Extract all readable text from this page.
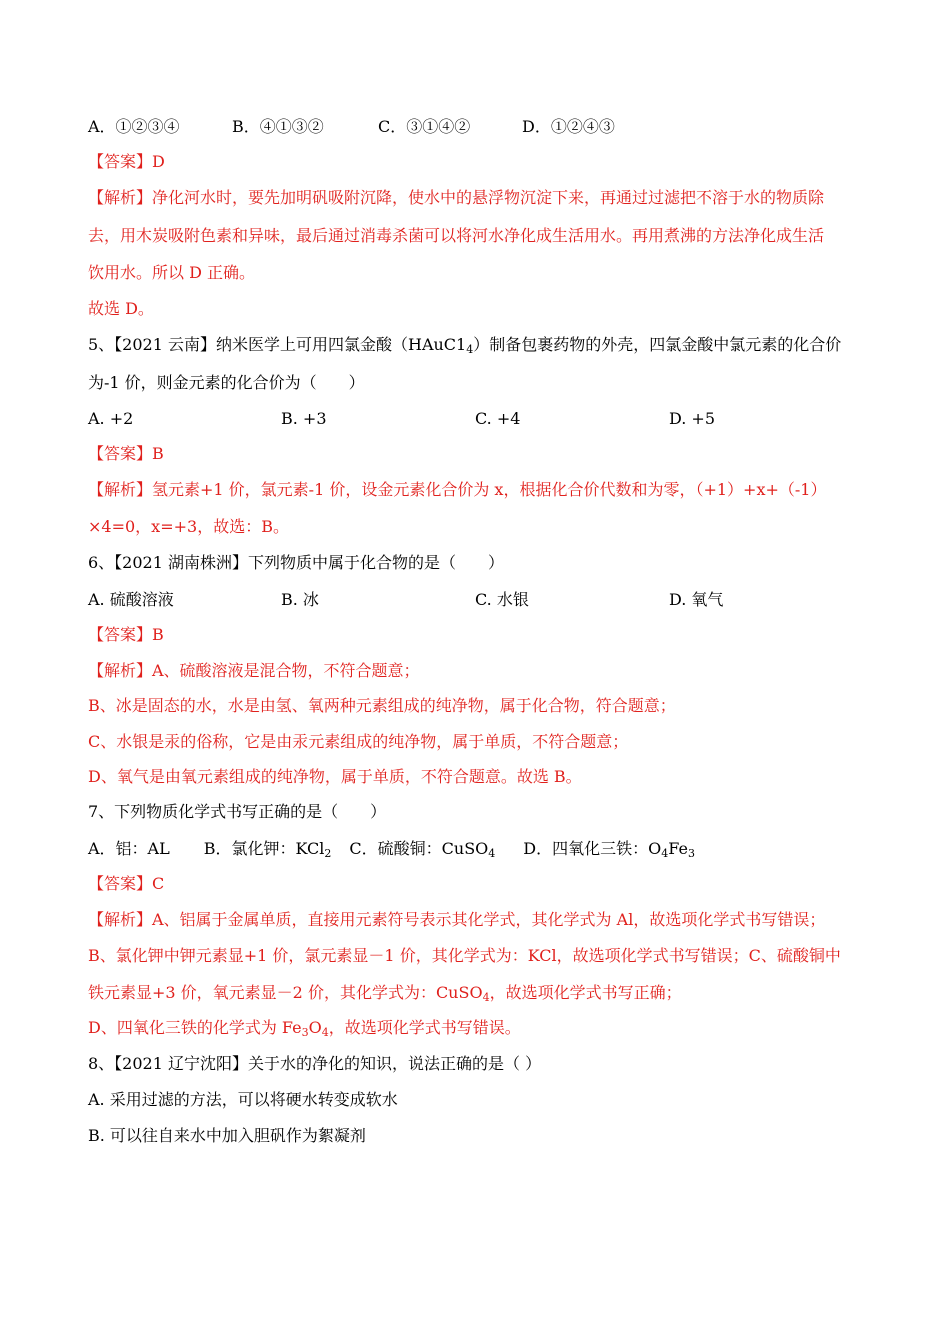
A．①②③④	B．④①③②	C．③①④②	D．①②④③
【答案】D
【解析】净化河水时，要先加明矾吸附沉降，使水中的悬浮物沉淀下来，再通过过滤把不溶于水的物质除
去，用木炭吸附色素和异味，最后通过消毒杀菌可以将河水净化成生活用水。再用煮沸的方法净化成生活
饮用水。所以 D 正确。
故选 D。
5、【2021 云南】纳米医学上可用四氯金酸$(HAuC1_4)$制备包裹药物的外壳，四氯金酸中氯元素的化合价
为-1 价，则金元素的化合价为（　　）
A. +2	B. +3	C. +4	D. +5
【答案】B
【解析】氢元素+1 价，氯元素-1 价，设金元素化合价为 x，根据化合价代数和为零，（+1）+x+（-1）
×4=0，x=+3，故选：B。
6、【2021 湖南株洲】下列物质中属于化合物的是（　　）
A. 硫酸溶液	B. 冰	C. 水银	D. 氧气
【答案】B
【解析】A、硫酸溶液是混合物，不符合题意；
B、冰是固态的水，水是由氢、氧两种元素组成的纯净物，属于化合物，符合题意；
C、水银是汞的俗称，它是由汞元素组成的纯净物，属于单质，不符合题意；
D、氧气是由氧元素组成的纯净物，属于单质，不符合题意。故选 B。
7、下列物质化学式书写正确的是（　　）
A．铝：AL B．氯化钾：KCl$_2$ C．硫酸铜：CuSO$_4$ D．四氧化三铁：$O_4Fe_3$
【答案】C
【解析】A、铝属于金属单质，直接用元素符号表示其化学式，其化学式为 Al，故选项化学式书写错误；
B、氯化钾中钾元素显+1 价，氯元素显－1 价，其化学式为：KCl，故选项化学式书写错误；C、硫酸铜中
铁元素显+3 价，氧元素显－2 价，其化学式为：CuSO$_4$，故选项化学式书写正确；
D、四氧化三铁的化学式为 $Fe_3O_4$，故选项化学式书写错误。
8、【2021 辽宁沈阳】关于水的净化的知识，说法正确的是（ ）
A. 采用过滤的方法，可以将硬水转变成软水
B. 可以往自来水中加入胆矾作为絮凝剂
